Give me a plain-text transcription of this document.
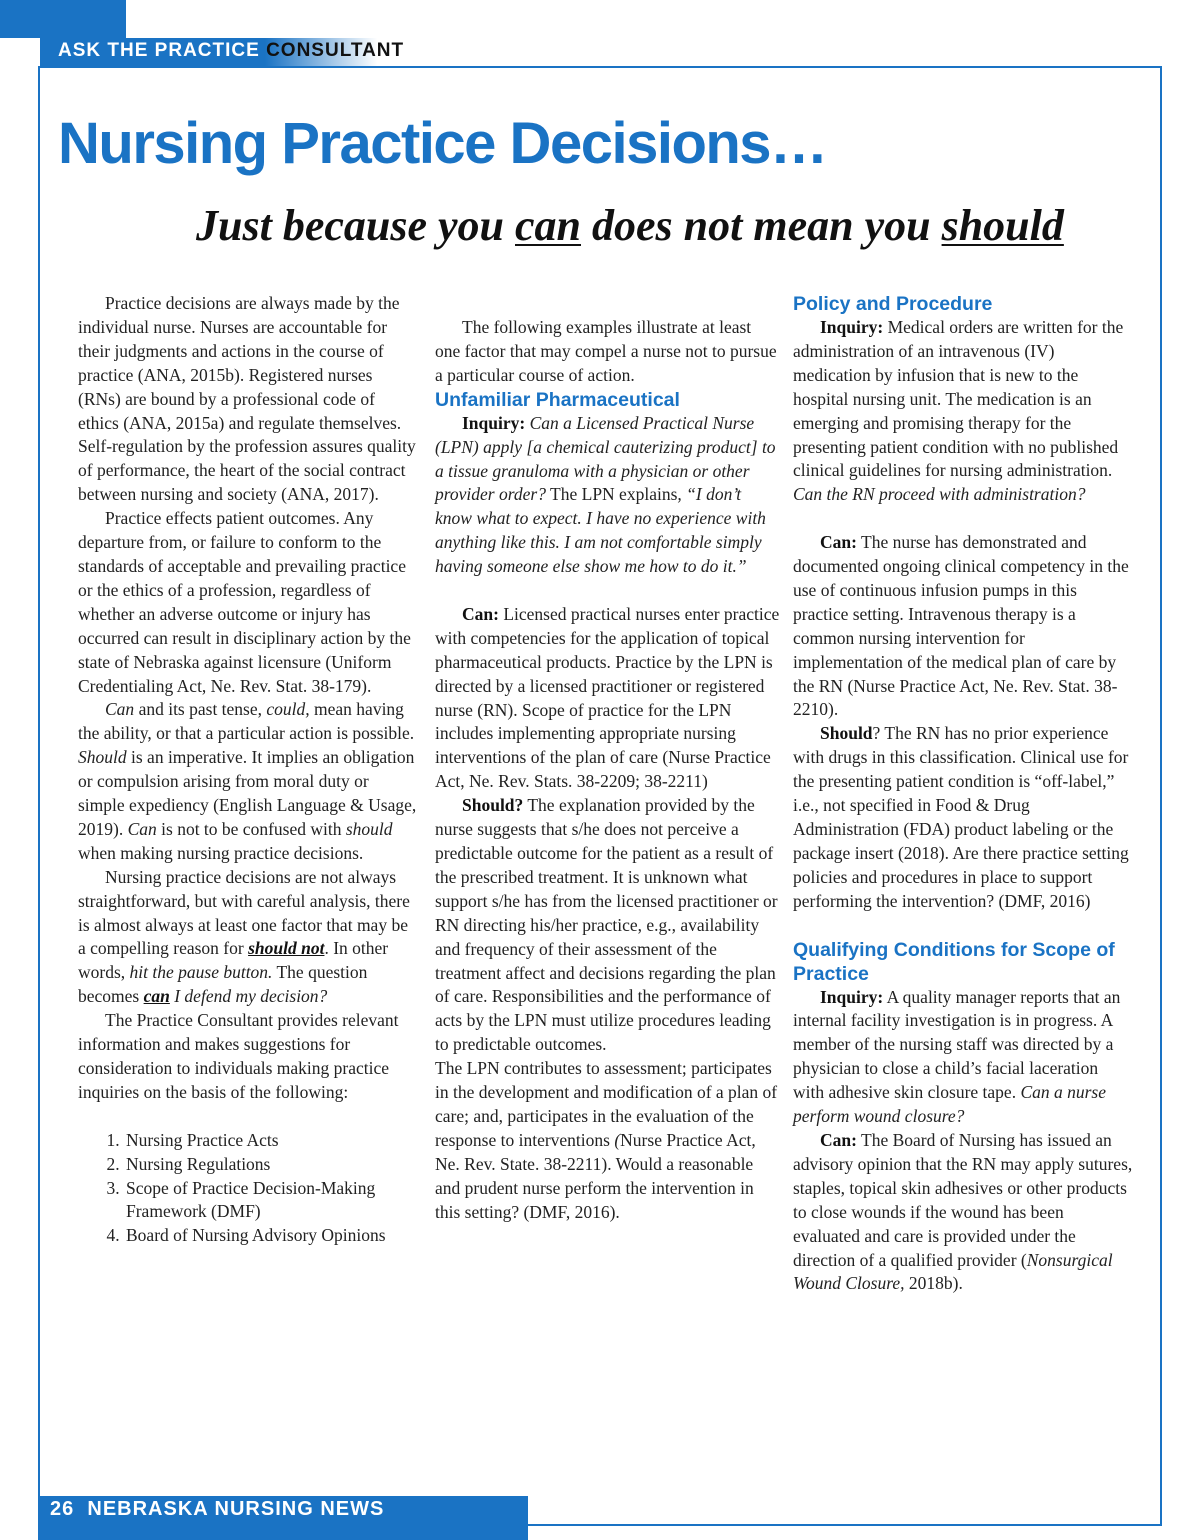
ASK THE PRACTICE CONSULTANT
Nursing Practice Decisions…
Just because you can does not mean you should

Practice decisions are always made by the individual nurse. Nurses are accountable for their judgments and actions in the course of practice (ANA, 2015b). Registered nurses (RNs) are bound by a professional code of ethics (ANA, 2015a) and regulate themselves. Self-regulation by the profession assures quality of performance, the heart of the social contract between nursing and society (ANA, 2017).

Practice effects patient outcomes. Any departure from, or failure to conform to the standards of acceptable and prevailing practice or the ethics of a profession, regardless of whether an adverse outcome or injury has occurred can result in disciplinary action by the state of Nebraska against licensure (Uniform Credentialing Act, Ne. Rev. Stat. 38-179).

Can and its past tense, could, mean having the ability, or that a particular action is possible. Should is an imperative. It implies an obligation or compulsion arising from moral duty or simple expediency (English Language & Usage, 2019). Can is not to be confused with should when making nursing practice decisions.

Nursing practice decisions are not always straightforward, but with careful analysis, there is almost always at least one factor that may be a compelling reason for should not. In other words, hit the pause button. The question becomes can I defend my decision?

The Practice Consultant provides relevant information and makes suggestions for consideration to individuals making practice inquiries on the basis of the following:

1. Nursing Practice Acts
2. Nursing Regulations
3. Scope of Practice Decision-Making Framework (DMF)
4. Board of Nursing Advisory Opinions

The following examples illustrate at least one factor that may compel a nurse not to pursue a particular course of action.

Unfamiliar Pharmaceutical

Inquiry: Can a Licensed Practical Nurse (LPN) apply [a chemical cauterizing product] to a tissue granuloma with a physician or other provider order? The LPN explains, “I don’t know what to expect. I have no experience with anything like this. I am not comfortable simply having someone else show me how to do it.”

Can: Licensed practical nurses enter practice with competencies for the application of topical pharmaceutical products. Practice by the LPN is directed by a licensed practitioner or registered nurse (RN). Scope of practice for the LPN includes implementing appropriate nursing interventions of the plan of care (Nurse Practice Act, Ne. Rev. Stats. 38-2209; 38-2211)

Should? The explanation provided by the nurse suggests that s/he does not perceive a predictable outcome for the patient as a result of the prescribed treatment. It is unknown what support s/he has from the licensed practitioner or RN directing his/her practice, e.g., availability and frequency of their assessment of the treatment affect and decisions regarding the plan of care. Responsibilities and the performance of acts by the LPN must utilize procedures leading to predictable outcomes.

The LPN contributes to assessment; participates in the development and modification of a plan of care; and, participates in the evaluation of the response to interventions (Nurse Practice Act, Ne. Rev. State. 38-2211). Would a reasonable and prudent nurse perform the intervention in this setting? (DMF, 2016).

Policy and Procedure

Inquiry: Medical orders are written for the administration of an intravenous (IV) medication by infusion that is new to the hospital nursing unit. The medication is an emerging and promising therapy for the presenting patient condition with no published clinical guidelines for nursing administration. Can the RN proceed with administration?

Can: The nurse has demonstrated and documented ongoing clinical competency in the use of continuous infusion pumps in this practice setting. Intravenous therapy is a common nursing intervention for implementation of the medical plan of care by the RN (Nurse Practice Act, Ne. Rev. Stat. 38-2210).

Should? The RN has no prior experience with drugs in this classification. Clinical use for the presenting patient condition is “off-label,” i.e., not specified in Food & Drug Administration (FDA) product labeling or the package insert (2018). Are there practice setting policies and procedures in place to support performing the intervention? (DMF, 2016)

Qualifying Conditions for Scope of Practice

Inquiry: A quality manager reports that an internal facility investigation is in progress. A member of the nursing staff was directed by a physician to close a child’s facial laceration with adhesive skin closure tape. Can a nurse perform wound closure?

Can: The Board of Nursing has issued an advisory opinion that the RN may apply sutures, staples, topical skin adhesives or other products to close wounds if the wound has been evaluated and care is provided under the direction of a qualified provider (Nonsurgical Wound Closure, 2018b).

26 NEBRASKA NURSING NEWS
